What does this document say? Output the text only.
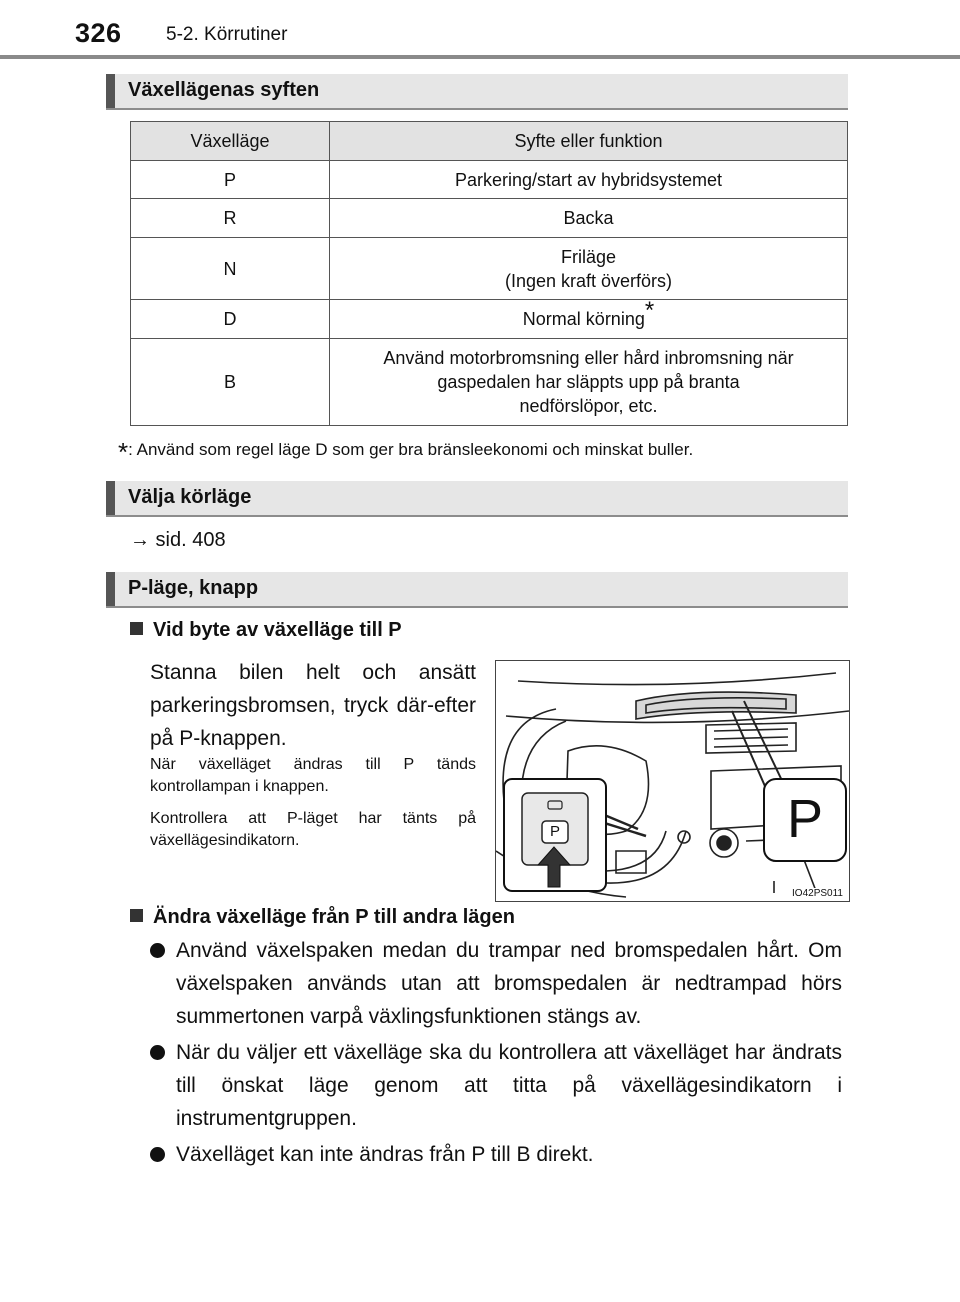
326 5-2. Körrutiner
Växellägenas syften
Växelläge	Syfte eller funktion
P	Parkering/start av hybridsystemet
R	Backa
N	Friläge
(Ingen kraft överförs)

D	Normal körning*
B	Använd motorbromsning eller hård inbromsning när
gaspedalen har släppts upp på branta
nedförslöpor, etc.
*: Använd som regel läge D som ger bra bränsleekonomi och minskat buller.
Välja körläge
→ sid. 408
P-läge, knapp
Vid byte av växelläge till P
Stanna bilen helt och ansätt parkeringsbromsen, tryck där-efter på P-knappen.
När växelläget ändras till P tänds kontrollampan i knappen.
Kontrollera att P-läget har tänts på växellägesindikatorn.	P
P
IO42PS011
Ändra växelläge från P till andra lägen
Använd växelspaken medan du trampar ned bromspedalen hårt. Om växelspaken används utan att bromspedalen är nedtrampad hörs summertonen varpå växlingsfunktionen stängs av.
När du väljer ett växelläge ska du kontrollera att växelläget har ändrats till önskat läge genom att titta på växellägesindikatorn i instrumentgruppen.
Växelläget kan inte ändras från P till B direkt.
